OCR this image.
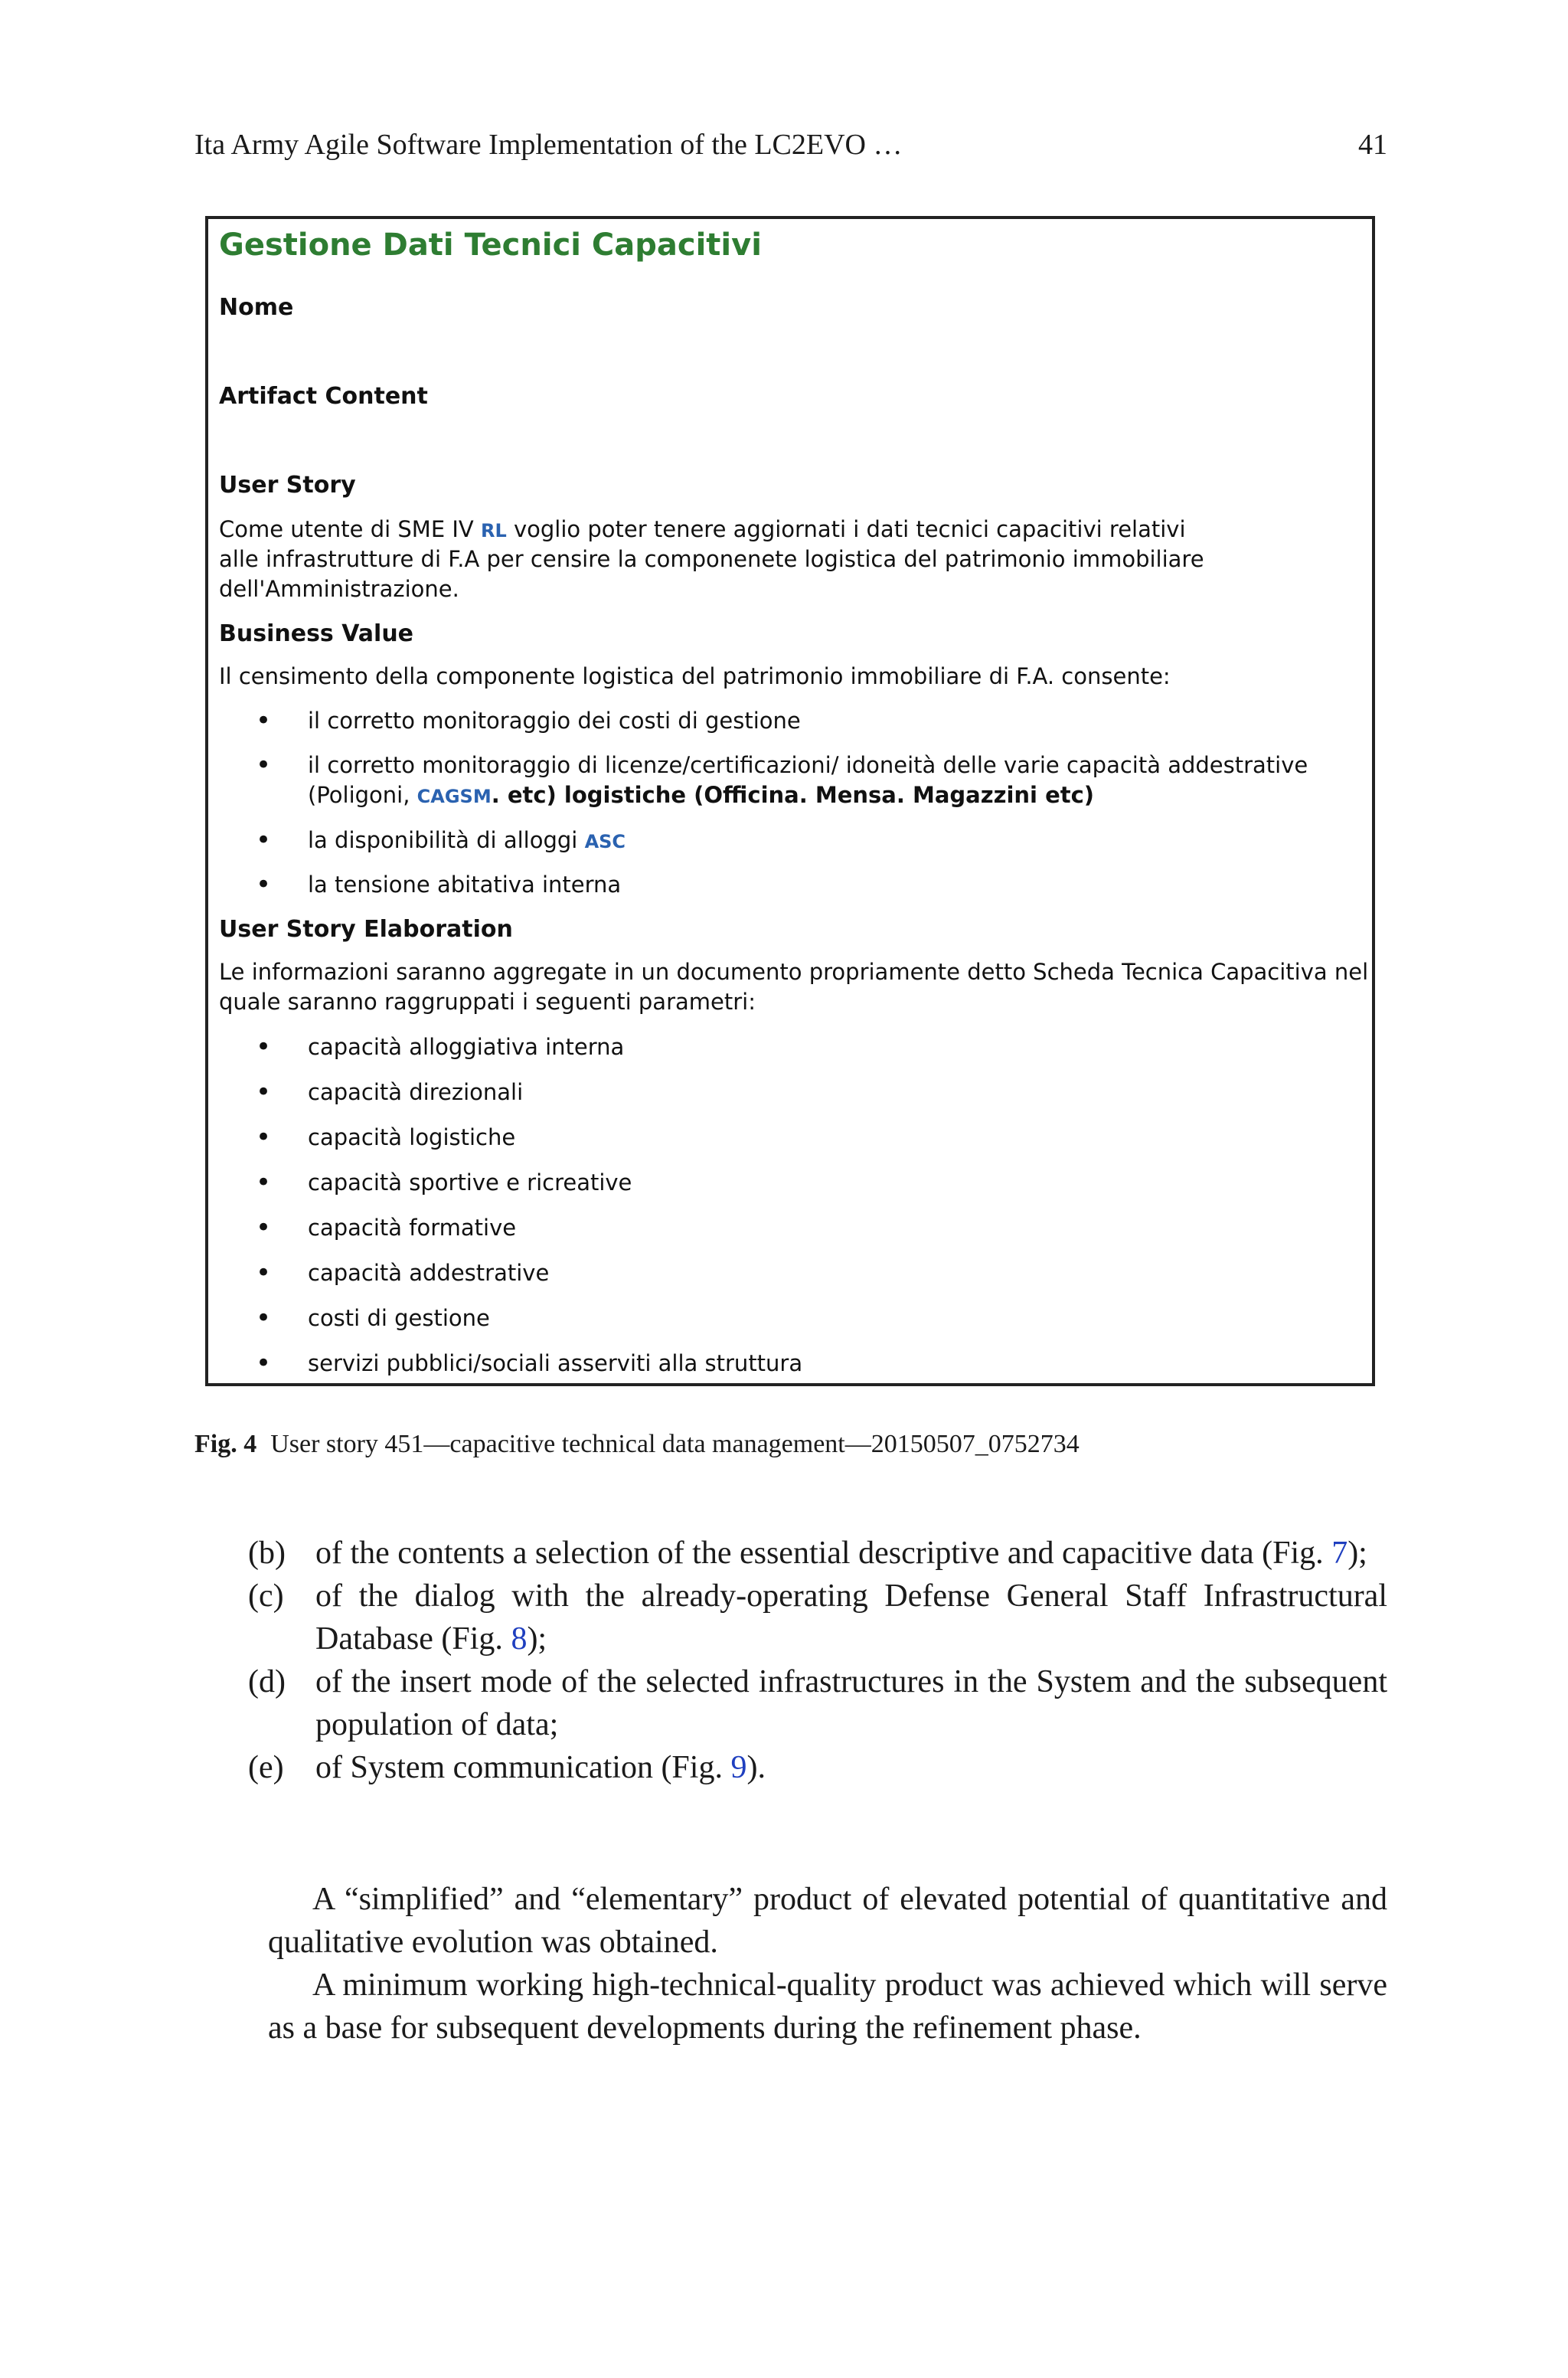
Ita Army Agile Software Implementation of the LC2EVO …	41
Gestione Dati Tecnici Capacitivi
Nome
Artifact Content
User Story
Come utente di SME IV RL voglio poter tenere aggiornati i dati tecnici capacitivi relativi
alle infrastrutture di F.A per censire la componenete logistica del patrimonio immobiliare
dell'Amministrazione.
Business Value
Il censimento della componente logistica del patrimonio immobiliare di F.A. consente:
• il corretto monitoraggio dei costi di gestione
• il corretto monitoraggio di licenze/certificazioni/ idoneità delle varie capacità addestrative
(Poligoni, CAGSM. etc) logistiche (Officina. Mensa. Magazzini etc)
• la disponibilità di alloggi ASC
• la tensione abitativa interna
User Story Elaboration
Le informazioni saranno aggregate in un documento propriamente detto Scheda Tecnica Capacitiva nel
quale saranno raggruppati i seguenti parametri:
• capacità alloggiativa interna
• capacità direzionali
• capacità logistiche
• capacità sportive e ricreative
• capacità formative
• capacità addestrative
• costi di gestione
• servizi pubblici/sociali asserviti alla struttura
Fig. 4 User story 451—capacitive technical data management—20150507_0752734
(b) of the contents a selection of the essential descriptive and capacitive data (Fig. 7);
(c) of the dialog with the already-operating Defense General Staff Infrastructural Database (Fig. 8);
(d) of the insert mode of the selected infrastructures in the System and the subsequent population of data;
(e) of System communication (Fig. 9).

A “simplified” and “elementary” product of elevated potential of quantitative and qualitative evolution was obtained.

A minimum working high-technical-quality product was achieved which will serve as a base for subsequent developments during the refinement phase.
